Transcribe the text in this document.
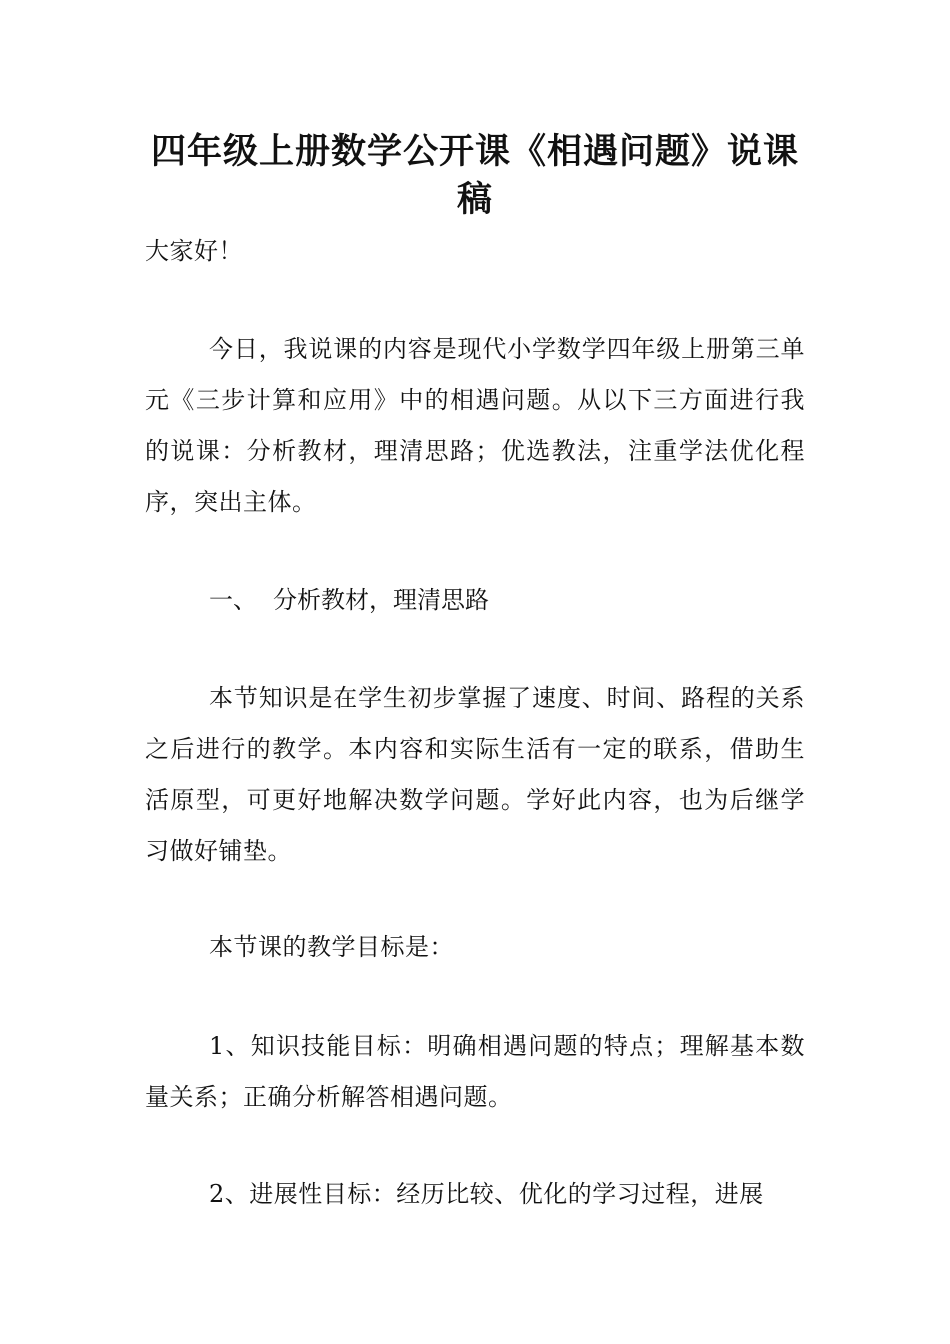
四年级上册数学公开课《相遇问题》说课稿

大家好！

今日，我说课的内容是现代小学数学四年级上册第三单元《三步计算和应用》中的相遇问题。从以下三方面进行我的说课：分析教材，理清思路；优选教法，注重学法优化程序，突出主体。

一、 分析教材，理清思路

本节知识是在学生初步掌握了速度、时间、路程的关系之后进行的教学。本内容和实际生活有一定的联系，借助生活原型，可更好地解决数学问题。学好此内容，也为后继学习做好铺垫。

本节课的教学目标是：

1、知识技能目标：明确相遇问题的特点；理解基本数量关系；正确分析解答相遇问题。

2、进展性目标：经历比较、优化的学习过程，进展
